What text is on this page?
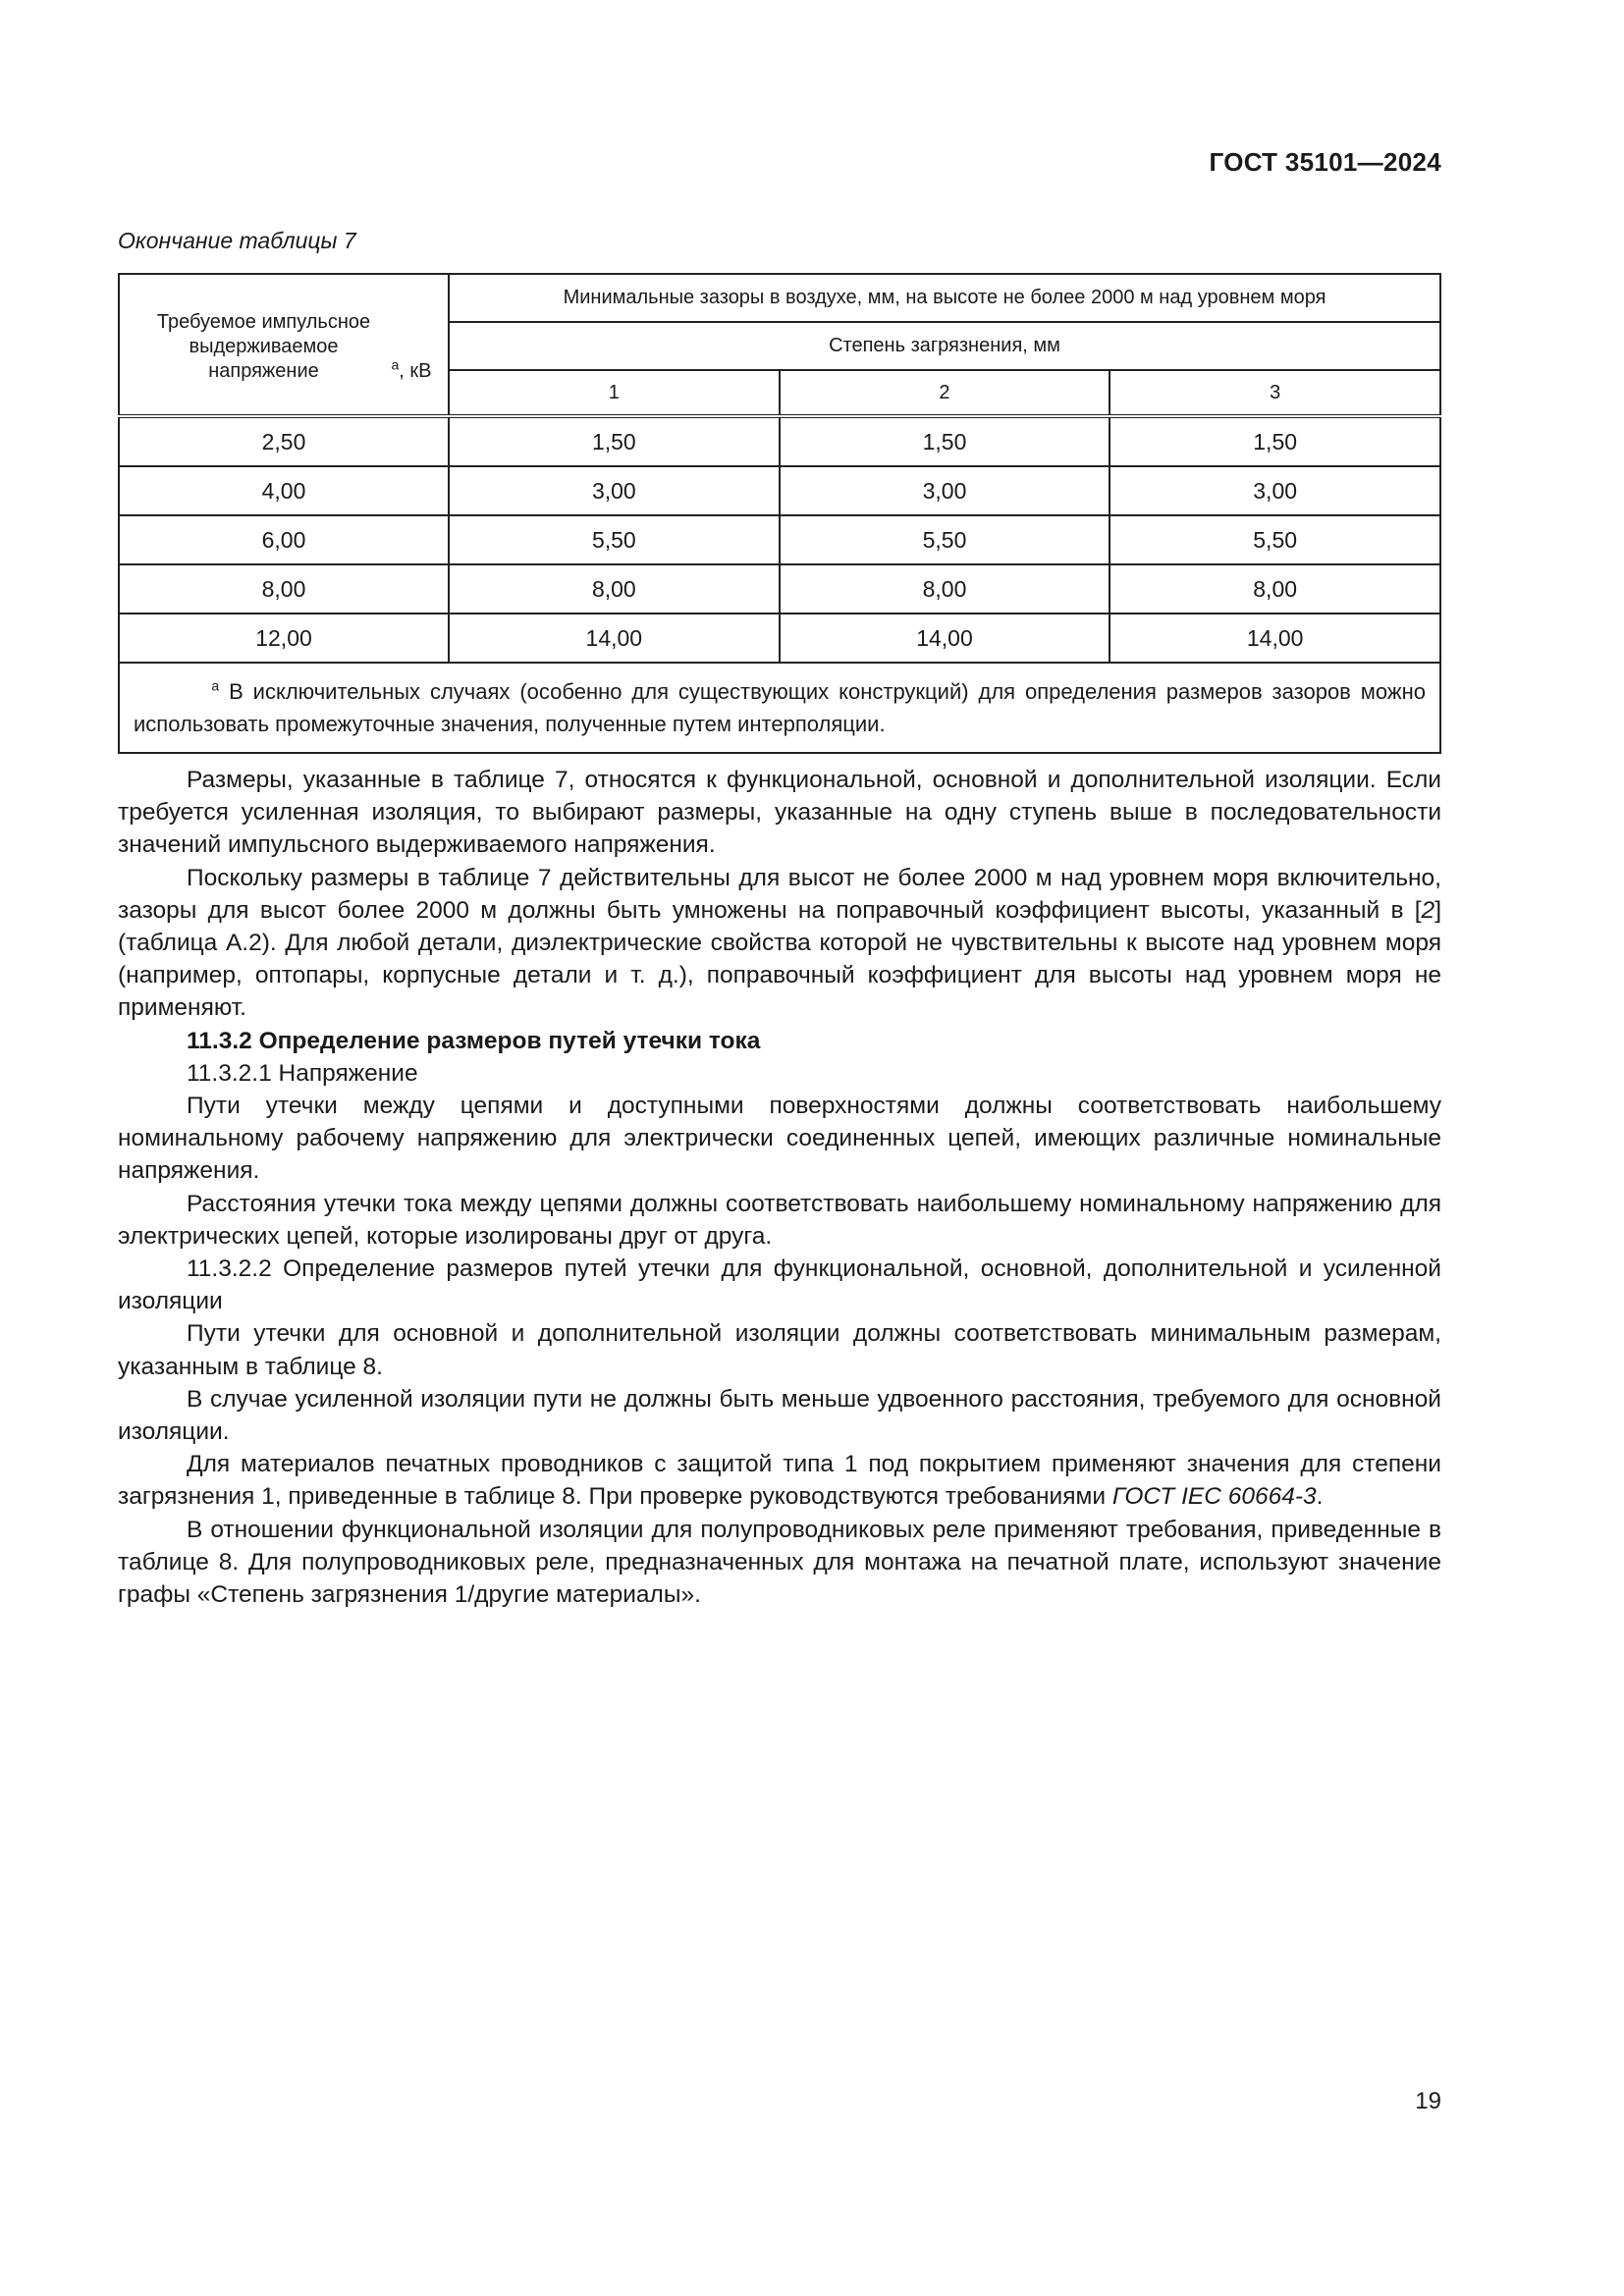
ГОСТ 35101—2024
Окончание таблицы 7
Требуемое импульсное выдерживаемое напряжение $^а$, кВ	Минимальные зазоры в воздухе, мм, на высоте не более 2000 м над уровнем моря		
	Степень загрязнения, мм		
	1	2	3
2,50	1,50	1,50	1,50
4,00	3,00	3,00	3,00
6,00	5,50	5,50	5,50
8,00	8,00	8,00	8,00
12,00	14,00	14,00	14,00
$^а$ В исключительных случаях (особенно для существующих конструкций) для определения размеров зазоров можно использовать промежуточные значения, полученные путем интерполяции.			

Размеры, указанные в таблице 7, относятся к функциональной, основной и дополнительной изоляции. Если требуется усиленная изоляция, то выбирают размеры, указанные на одну ступень выше в последовательности значений импульсного выдерживаемого напряжения.

Поскольку размеры в таблице 7 действительны для высот не более 2000 м над уровнем моря включительно, зазоры для высот более 2000 м должны быть умножены на поправочный коэффициент высоты, указанный в [2] (таблица А.2). Для любой детали, диэлектрические свойства которой не чувствительны к высоте над уровнем моря (например, оптопары, корпусные детали и т. д.), поправочный коэффициент для высоты над уровнем моря не применяют.

11.3.2 Определение размеров путей утечки тока

11.3.2.1 Напряжение

Пути утечки между цепями и доступными поверхностями должны соответствовать наибольшему номинальному рабочему напряжению для электрически соединенных цепей, имеющих различные номинальные напряжения.

Расстояния утечки тока между цепями должны соответствовать наибольшему номинальному напряжению для электрических цепей, которые изолированы друг от друга.

11.3.2.2 Определение размеров путей утечки для функциональной, основной, дополнительной и усиленной изоляции

Пути утечки для основной и дополнительной изоляции должны соответствовать минимальным размерам, указанным в таблице 8.

В случае усиленной изоляции пути не должны быть меньше удвоенного расстояния, требуемого для основной изоляции.

Для материалов печатных проводников с защитой типа 1 под покрытием применяют значения для степени загрязнения 1, приведенные в таблице 8. При проверке руководствуются требованиями ГОСТ IEC 60664-3.

В отношении функциональной изоляции для полупроводниковых реле применяют требования, приведенные в таблице 8. Для полупроводниковых реле, предназначенных для монтажа на печатной плате, используют значение графы «Степень загрязнения 1/другие материалы».

19
